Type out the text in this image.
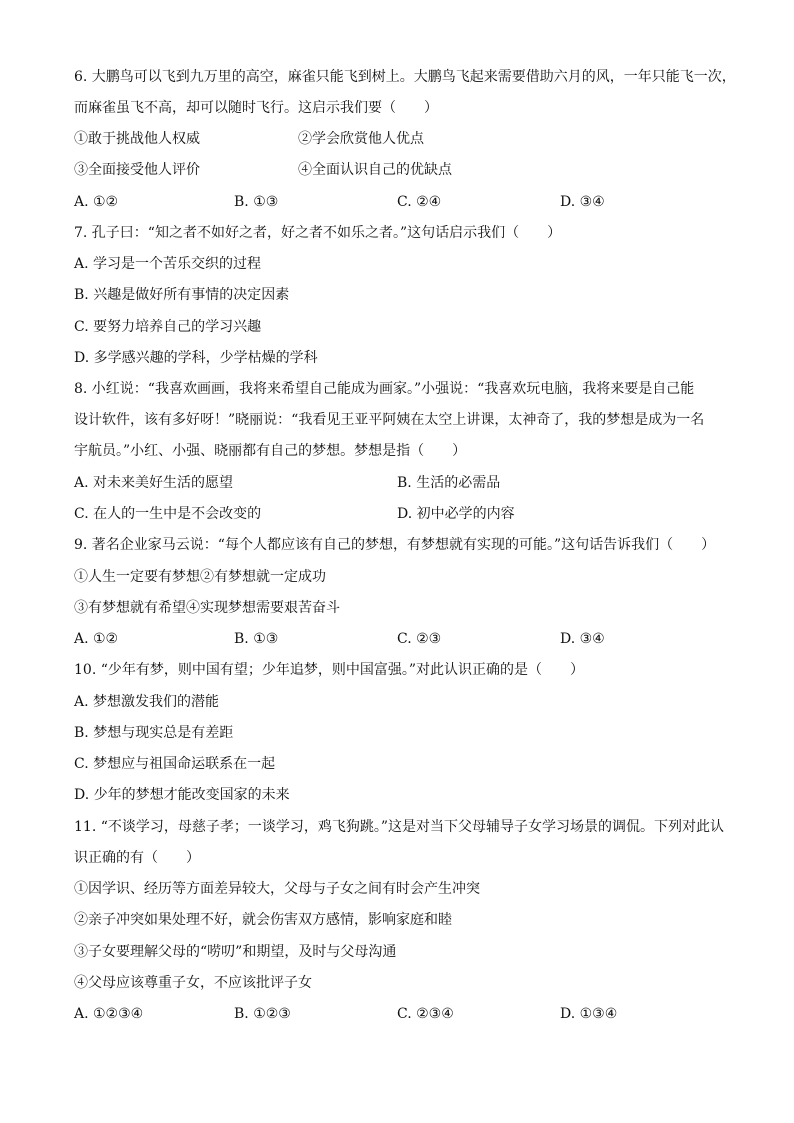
6. 大鹏鸟可以飞到九万里的高空，麻雀只能飞到树上。大鹏鸟飞起来需要借助六月的风，一年只能飞一次，
而麻雀虽飞不高，却可以随时飞行。这启示我们要（　　）
①敢于挑战他人权威	②学会欣赏他人优点
③全面接受他人评价	④全面认识自己的优缺点
A. ①②	B. ①③	C. ②④	D. ③④
7. 孔子曰：“知之者不如好之者，好之者不如乐之者。”这句话启示我们（　　）
A. 学习是一个苦乐交织的过程
B. 兴趣是做好所有事情的决定因素
C. 要努力培养自己的学习兴趣
D. 多学感兴趣的学科，少学枯燥的学科
8. 小红说：“我喜欢画画，我将来希望自己能成为画家。”小强说：“我喜欢玩电脑，我将来要是自己能
设计软件，该有多好呀！”晓丽说：“我看见王亚平阿姨在太空上讲课，太神奇了，我的梦想是成为一名
宇航员。”小红、小强、晓丽都有自己的梦想。梦想是指（　　）
A. 对未来美好生活的愿望	B. 生活的必需品
C. 在人的一生中是不会改变的	D. 初中必学的内容
9. 著名企业家马云说：“每个人都应该有自己的梦想，有梦想就有实现的可能。”这句话告诉我们（　　）
①人生一定要有梦想②有梦想就一定成功
③有梦想就有希望④实现梦想需要艰苦奋斗
A. ①②	B. ①③	C. ②③	D. ③④
10. “少年有梦，则中国有望；少年追梦，则中国富强。”对此认识正确的是（　　）
A. 梦想激发我们的潜能
B. 梦想与现实总是有差距
C. 梦想应与祖国命运联系在一起
D. 少年的梦想才能改变国家的未来
11. “不谈学习，母慈子孝；一谈学习，鸡飞狗跳。”这是对当下父母辅导子女学习场景的调侃。下列对此认
识正确的有（　　）
①因学识、经历等方面差异较大，父母与子女之间有时会产生冲突
②亲子冲突如果处理不好，就会伤害双方感情，影响家庭和睦
③子女要理解父母的“唠叨”和期望，及时与父母沟通
④父母应该尊重子女，不应该批评子女
A. ①②③④	B. ①②③	C. ②③④	D. ①③④
